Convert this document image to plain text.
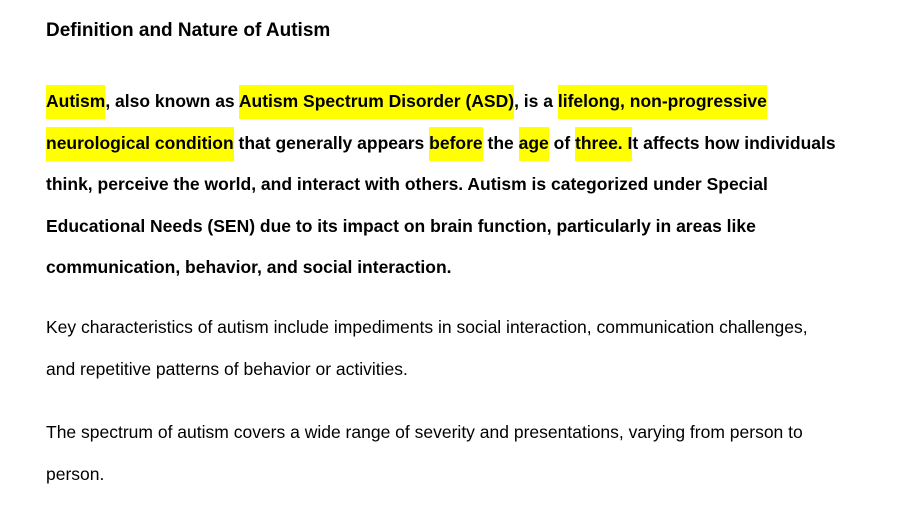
Definition and Nature of Autism

Autism, also known as Autism Spectrum Disorder (ASD), is a lifelong, non-progressive neurological condition that generally appears before the age of three. It affects how individuals think, perceive the world, and interact with others. Autism is categorized under Special Educational Needs (SEN) due to its impact on brain function, particularly in areas like communication, behavior, and social interaction.

Key characteristics of autism include impediments in social interaction, communication challenges, and repetitive patterns of behavior or activities.

The spectrum of autism covers a wide range of severity and presentations, varying from person to person.
